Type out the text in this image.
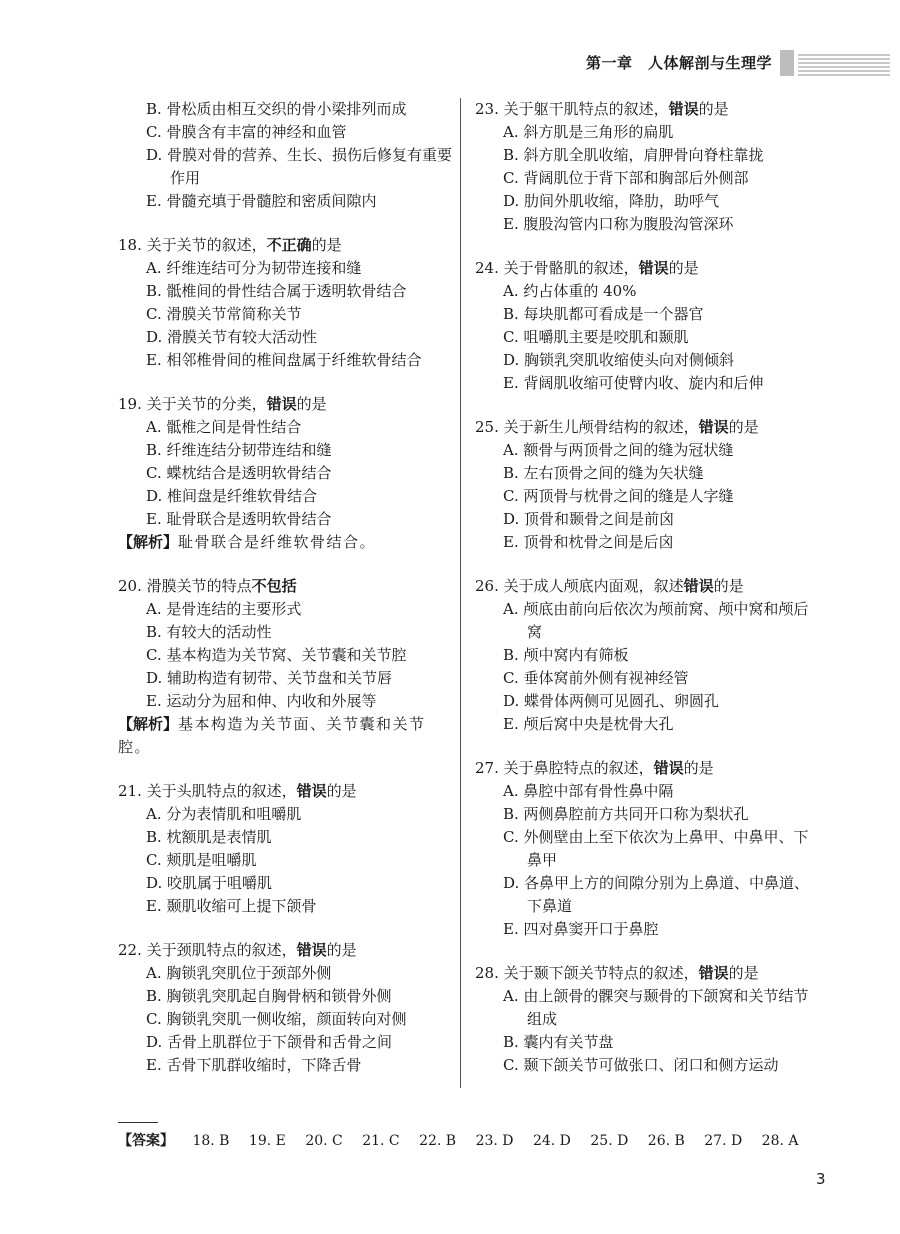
第一章　人体解剖与生理学
B. 骨松质由相互交织的骨小梁排列而成
C. 骨膜含有丰富的神经和血管
D. 骨膜对骨的营养、生长、损伤后修复有重要作用
E. 骨髓充填于骨髓腔和密质间隙内
18. 关于关节的叙述，不正确的是
A. 纤维连结可分为韧带连接和缝
B. 骶椎间的骨性结合属于透明软骨结合
C. 滑膜关节常简称关节
D. 滑膜关节有较大活动性
E. 相邻椎骨间的椎间盘属于纤维软骨结合
19. 关于关节的分类，错误的是
A. 骶椎之间是骨性结合
B. 纤维连结分韧带连结和缝
C. 蝶枕结合是透明软骨结合
D. 椎间盘是纤维软骨结合
E. 耻骨联合是透明软骨结合
【解析】耻骨联合是纤维软骨结合。
20. 滑膜关节的特点不包括
A. 是骨连结的主要形式
B. 有较大的活动性
C. 基本构造为关节窝、关节囊和关节腔
D. 辅助构造有韧带、关节盘和关节唇
E. 运动分为屈和伸、内收和外展等
【解析】基本构造为关节面、关节囊和关节腔。
21. 关于头肌特点的叙述，错误的是
A. 分为表情肌和咀嚼肌
B. 枕额肌是表情肌
C. 颊肌是咀嚼肌
D. 咬肌属于咀嚼肌
E. 颞肌收缩可上提下颌骨
22. 关于颈肌特点的叙述，错误的是
A. 胸锁乳突肌位于颈部外侧
B. 胸锁乳突肌起自胸骨柄和锁骨外侧
C. 胸锁乳突肌一侧收缩，颜面转向对侧
D. 舌骨上肌群位于下颌骨和舌骨之间
E. 舌骨下肌群收缩时，下降舌骨
23. 关于躯干肌特点的叙述，错误的是
A. 斜方肌是三角形的扁肌
B. 斜方肌全肌收缩，肩胛骨向脊柱靠拢
C. 背阔肌位于背下部和胸部后外侧部
D. 肋间外肌收缩，降肋，助呼气
E. 腹股沟管内口称为腹股沟管深环
24. 关于骨骼肌的叙述，错误的是
A. 约占体重的 40%
B. 每块肌都可看成是一个器官
C. 咀嚼肌主要是咬肌和颞肌
D. 胸锁乳突肌收缩使头向对侧倾斜
E. 背阔肌收缩可使臂内收、旋内和后伸
25. 关于新生儿颅骨结构的叙述，错误的是
A. 额骨与两顶骨之间的缝为冠状缝
B. 左右顶骨之间的缝为矢状缝
C. 两顶骨与枕骨之间的缝是人字缝
D. 顶骨和颞骨之间是前囟
E. 顶骨和枕骨之间是后囟
26. 关于成人颅底内面观，叙述错误的是
A. 颅底由前向后依次为颅前窝、颅中窝和颅后窝
B. 颅中窝内有筛板
C. 垂体窝前外侧有视神经管
D. 蝶骨体两侧可见圆孔、卵圆孔
E. 颅后窝中央是枕骨大孔
27. 关于鼻腔特点的叙述，错误的是
A. 鼻腔中部有骨性鼻中隔
B. 两侧鼻腔前方共同开口称为梨状孔
C. 外侧壁由上至下依次为上鼻甲、中鼻甲、下鼻甲
D. 各鼻甲上方的间隙分别为上鼻道、中鼻道、下鼻道
E. 四对鼻窦开口于鼻腔
28. 关于颞下颌关节特点的叙述，错误的是
A. 由上颌骨的髁突与颞骨的下颌窝和关节结节组成
B. 囊内有关节盘
C. 颞下颌关节可做张口、闭口和侧方运动
【答案】 18. B 19. E 20. C 21. C 22. B 23. D 24. D 25. D 26. B 27. D 28. A
3
